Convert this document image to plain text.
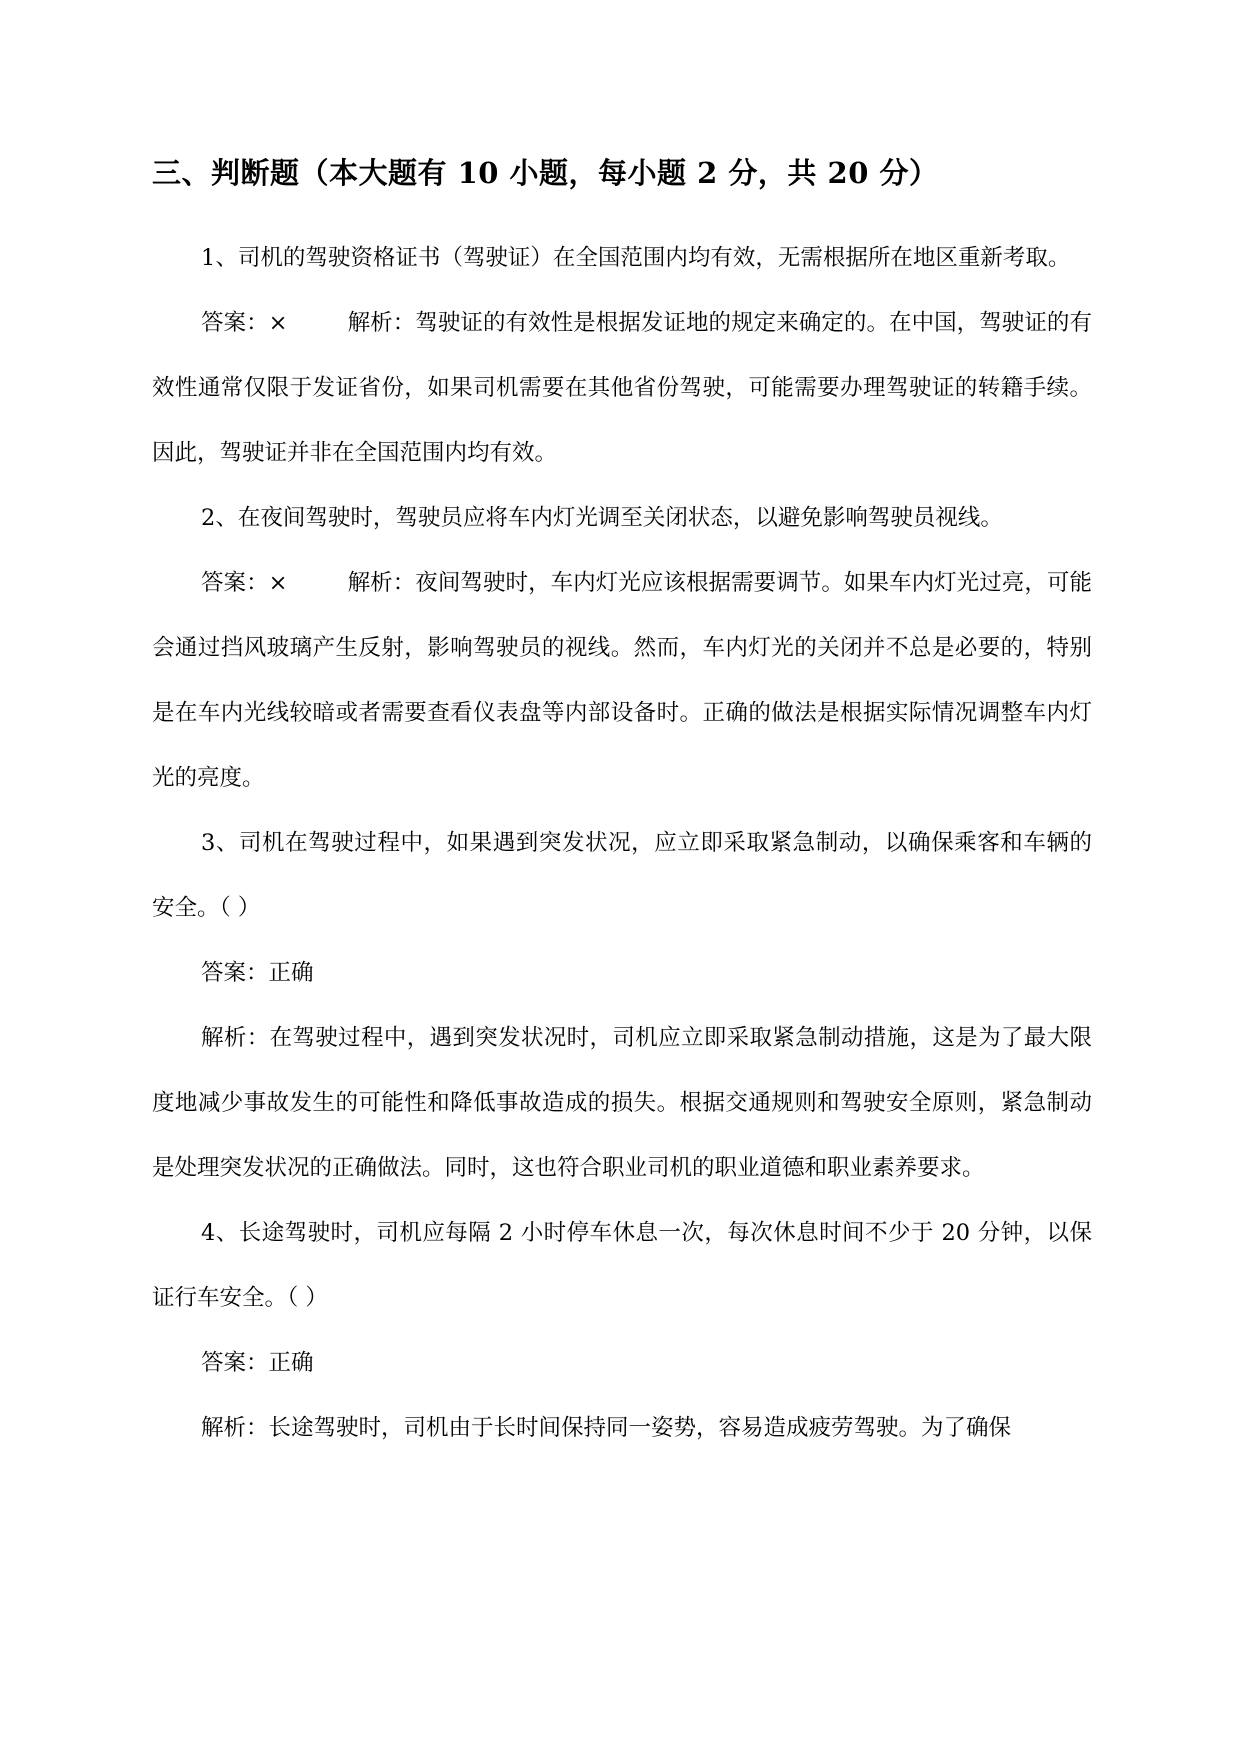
三、判断题（本大题有 10 小题，每小题 2 分，共 20 分）

1、司机的驾驶资格证书（驾驶证）在全国范围内均有效，无需根据所在地区重新考取。

答案：×	解析：驾驶证的有效性是根据发证地的规定来确定的。在中国，驾驶证的有效性通常仅限于发证省份，如果司机需要在其他省份驾驶，可能需要办理驾驶证的转籍手续。因此，驾驶证并非在全国范围内均有效。

2、在夜间驾驶时，驾驶员应将车内灯光调至关闭状态，以避免影响驾驶员视线。

答案：×	解析：夜间驾驶时，车内灯光应该根据需要调节。如果车内灯光过亮，可能会通过挡风玻璃产生反射，影响驾驶员的视线。然而，车内灯光的关闭并不总是必要的，特别是在车内光线较暗或者需要查看仪表盘等内部设备时。正确的做法是根据实际情况调整车内灯光的亮度。

3、司机在驾驶过程中，如果遇到突发状况，应立即采取紧急制动，以确保乘客和车辆的安全。（ ）

答案：正确

解析：在驾驶过程中，遇到突发状况时，司机应立即采取紧急制动措施，这是为了最大限度地减少事故发生的可能性和降低事故造成的损失。根据交通规则和驾驶安全原则，紧急制动是处理突发状况的正确做法。同时，这也符合职业司机的职业道德和职业素养要求。

4、长途驾驶时，司机应每隔 2 小时停车休息一次，每次休息时间不少于 20 分钟，以保证行车安全。（ ）

答案：正确

解析：长途驾驶时，司机由于长时间保持同一姿势，容易造成疲劳驾驶。为了确保
